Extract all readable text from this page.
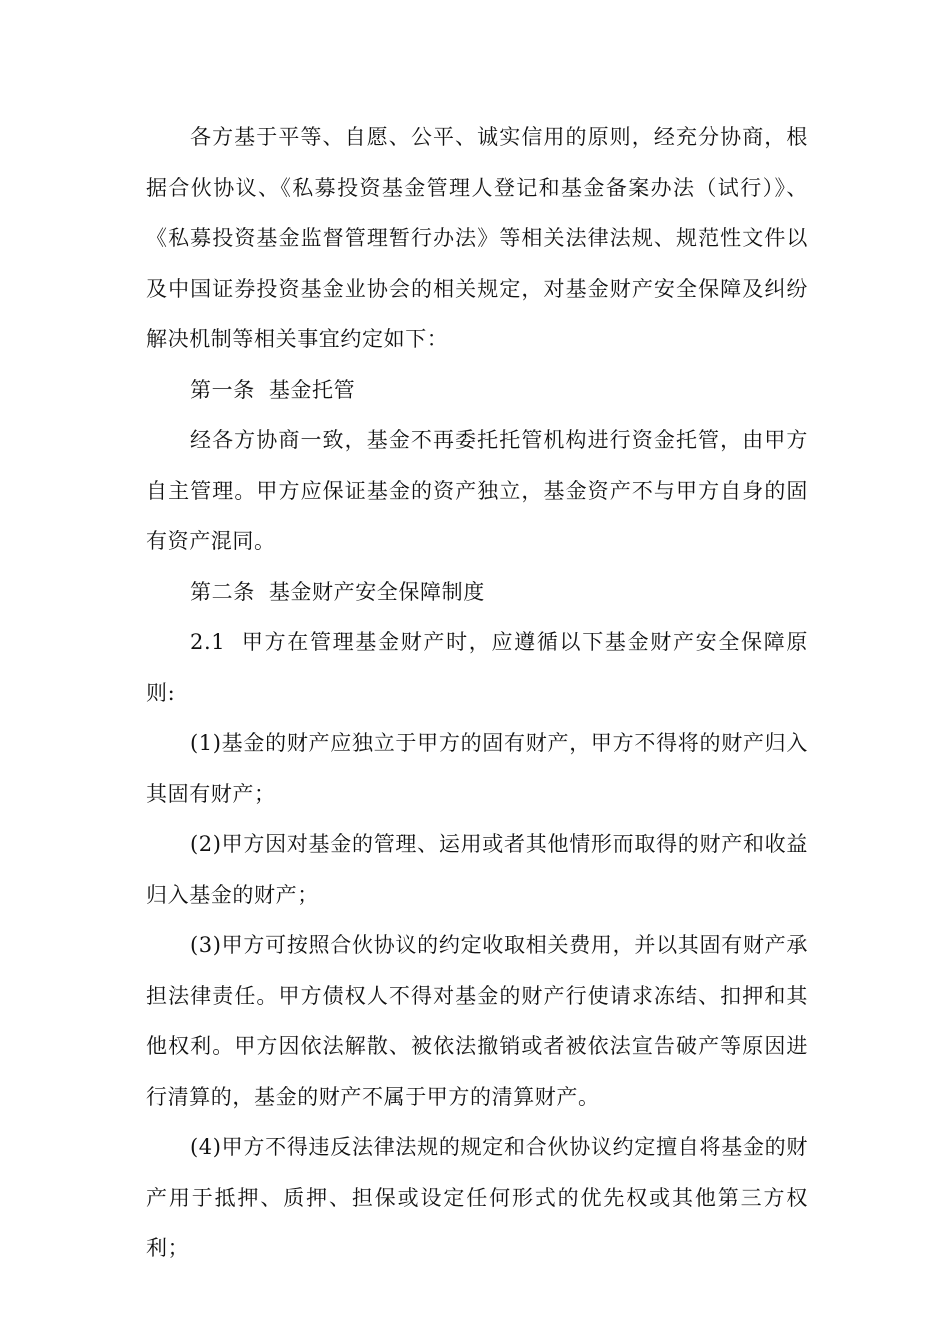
各方基于平等、自愿、公平、诚实信用的原则，经充分协商，根据合伙协议、《私募投资基金管理人登记和基金备案办法（试行）》、《私募投资基金监督管理暂行办法》等相关法律法规、规范性文件以及中国证券投资基金业协会的相关规定，对基金财产安全保障及纠纷解决机制等相关事宜约定如下：

第一条 基金托管

经各方协商一致，基金不再委托托管机构进行资金托管，由甲方自主管理。甲方应保证基金的资产独立，基金资产不与甲方自身的固有资产混同。

第二条 基金财产安全保障制度

2.1  甲方在管理基金财产时，应遵循以下基金财产安全保障原则:

(1)基金的财产应独立于甲方的固有财产，甲方不得将的财产归入其固有财产；

(2)甲方因对基金的管理、运用或者其他情形而取得的财产和收益归入基金的财产；

(3)甲方可按照合伙协议的约定收取相关费用，并以其固有财产承担法律责任。甲方债权人不得对基金的财产行使请求冻结、扣押和其他权利。甲方因依法解散、被依法撤销或者被依法宣告破产等原因进行清算的，基金的财产不属于甲方的清算财产。

(4)甲方不得违反法律法规的规定和合伙协议约定擅自将基金的财产用于抵押、质押、担保或设定任何形式的优先权或其他第三方权利；
